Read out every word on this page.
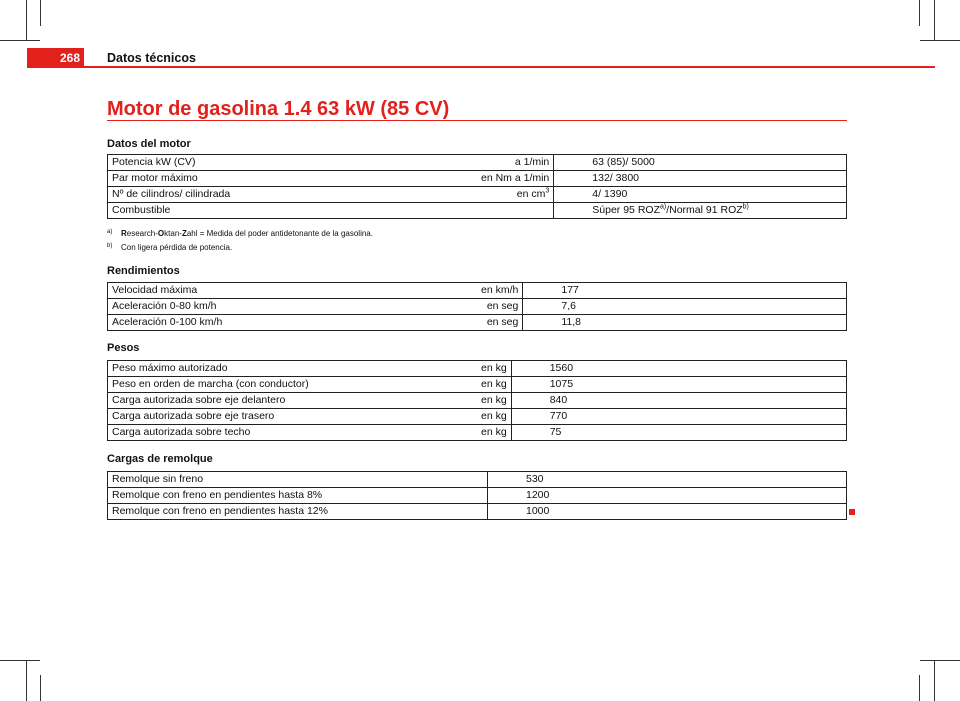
268	Datos técnicos
Motor de gasolina 1.4 63 kW (85 CV)
Datos del motor
Potencia kW (CV)	a 1/min	63 (85)/ 5000
Par motor máximo	en Nm a 1/min	132/ 3800
Nº de cilindros/ cilindrada	en $cm^3$	4/ 1390
Combustible		Súper 95 ROZ$^{a)}$/Normal 91 ROZ$^{b)}$
a) Research-Oktan-Zahl = Medida del poder antidetonante de la gasolina.
b) Con ligera pérdida de potencia.
Rendimientos
Velocidad máxima	en km/h	177
Aceleración 0-80 km/h	en seg	7,6
Aceleración 0-100 km/h	en seg	11,8
Pesos
Peso máximo autorizado	en kg	1560
Peso en orden de marcha (con conductor)	en kg	1075
Carga autorizada sobre eje delantero	en kg	840
Carga autorizada sobre eje trasero	en kg	770
Carga autorizada sobre techo	en kg	75
Cargas de remolque
Remolque sin freno	530
Remolque con freno en pendientes hasta 8%	1200
Remolque con freno en pendientes hasta 12%	1000
